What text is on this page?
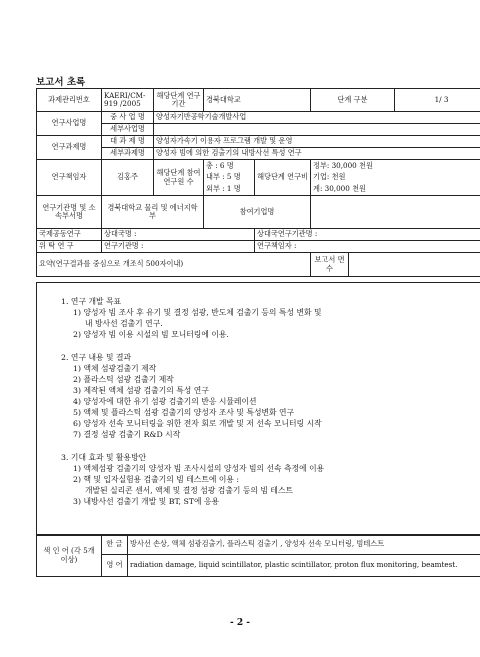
보고서 초록
과제관리번호	KAERI/CM-919 /2005	해당단계 연구기간	경북대학교		단계 구분		1/ 3
연구사업명	중 사 업 명	양성자기반공학기술개발사업					
	세부사업명						
연구과제명	대 과 제 명	양성자가속기 이용자 프로그램 개발 및 운영					
	세부과제명	양성자 빔에 의한 검출기의 내방사선 특성 연구					
연구책임자	김홍주	해당단계 참여연구원 수	총 : 6 명	해당단계 연구비	정부: 30,000 천원		
			내부 : 5 명		기업: 천원		
			외부 : 1 명		계: 30,000 천원		
연구기관명 및 소속부서명	경북대학교 물리 및 에너지학부		참여기업명				
국제공동연구	상대국명 :			상대국연구기관명 :			
위 탁 연 구	연구기관명 :			연구책임자 :			
요약(연구결과를 중심으로 개조식 500자이내)					보고서 면수		
1. 연구 개발 목표
1) 양성자 빔 조사 후 유기 및 결정 섬광, 반도체 검출기 등의 특성 변화 및
내 방사선 검출기 연구.
2) 양성자 빔 이용 시설의 빔 모니터링에 이용.
2. 연구 내용 및 결과
1) 액체 섬광검출기 제작
2) 플라스틱 섬광 검출기 제작
3) 제작된 액체 섬광 검출기의 특성 연구
4) 양성자에 대한 유기 섬광 검출기의 반응 시뮬레이션
5) 액체 및 플라스틱 섬광 검출기의 양성자 조사 및 특성변화 연구
6) 양성자 선속 모니터링을 위한 전자 회로 개발 및 저 선속 모니터링 시작
7) 결정 섬광 검출기 R&D 시작
3. 기대 효과 및 활용방안
1) 액체섬광 검출기의 양성자 빔 조사시설의 양성자 빔의 선속 측정에 이용
2) 핵 및 입자실험용 검출기의 빔 테스트에 이용 :
개발된 실리콘 센서, 액체 및 결정 섬광 검출기 등의 빔 테스트
3) 내방사선 검출기 개발 및 BT, ST에 응용
색 인 어 (각 5개 이상)	한 글	방사선 손상, 액체 섬광검출기, 플라스틱 검출기 , 양성자 선속 모니터링, 빔테스트
	영 어	radiation damage, liquid scintillator, plastic scintillator, proton flux monitoring, beamtest.
- 2 -
